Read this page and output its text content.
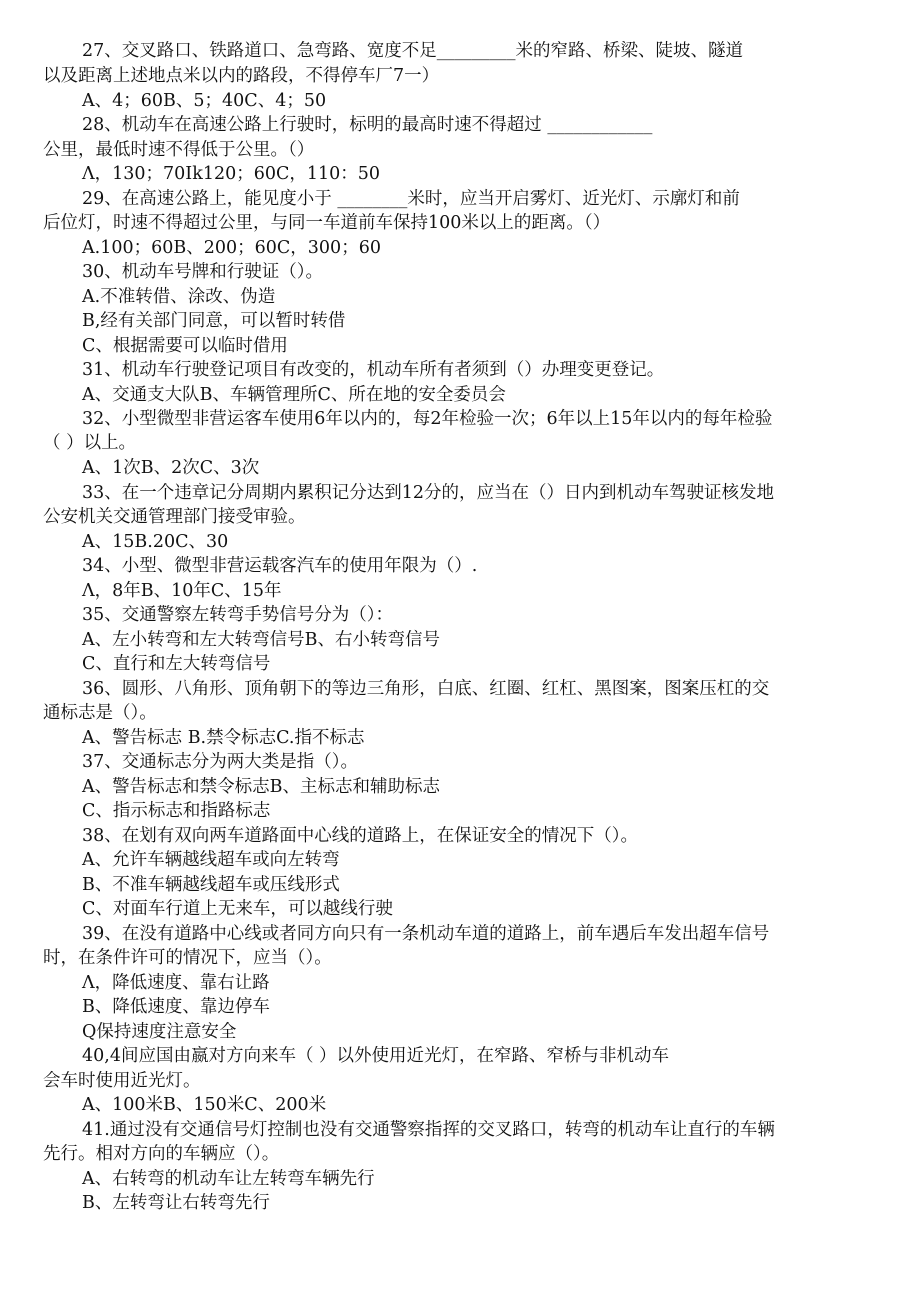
27、交叉路口、铁路道口、急弯路、宽度不足_________米的窄路、桥梁、陡坡、隧道
以及距离上述地点米以内的路段，不得停车厂7一）
A、4；60B、5；40C、4；50
28、机动车在高速公路上行驶时，标明的最高时速不得超过 ____________
公里，最低时速不得低于公里。（）
Λ，130；70Ik120；60C，110：50
29、在高速公路上，能见度小于 ________米时，应当开启雾灯、近光灯、示廓灯和前
后位灯，时速不得超过公里，与同一车道前车保持100米以上的距离。（）
A.100；60B、200；60C，300；60
30、机动车号牌和行驶证（）。
A.不准转借、涂改、伪造
B,经有关部门同意，可以暂时转借
C、根据需要可以临时借用
31、机动车行驶登记项目有改变的，机动车所有者须到（）办理变更登记。
A、交通支大队B、车辆管理所C、所在地的安全委员会
32、小型微型非营运客车使用6年以内的，每2年检验一次；6年以上15年以内的每年检验
（ ）以上。
A、1次B、2次C、3次
33、在一个违章记分周期内累积记分达到12分的，应当在（）日内到机动车驾驶证核发地
公安机关交通管理部门接受审验。
A、15B.20C、30
34、小型、微型非营运载客汽车的使用年限为（）.
Λ，8年B、10年C、15年
35、交通警察左转弯手势信号分为（）：
A、左小转弯和左大转弯信号B、右小转弯信号
C、直行和左大转弯信号
36、圆形、八角形、顶角朝下的等边三角形，白底、红圈、红杠、黑图案，图案压杠的交
通标志是（）。
A、警告标志 B.禁令标志C.指不标志
37、交通标志分为两大类是指（）。
A、警告标志和禁令标志B、主标志和辅助标志
C、指示标志和指路标志
38、在划有双向两车道路面中心线的道路上，在保证安全的情况下（）。
A、允许车辆越线超车或向左转弯
B、不准车辆越线超车或压线形式
C、对面车行道上无来车，可以越线行驶
39、在没有道路中心线或者同方向只有一条机动车道的道路上，前车遇后车发出超车信号
时，在条件许可的情况下，应当（）。
Λ，降低速度、靠右让路
B、降低速度、靠边停车
Q保持速度注意安全
40,4间应国由嬴对方向来车（ ）以外使用近光灯，在窄路、窄桥与非机动车
会车时使用近光灯。
A、100米B、150米C、200米
41.通过没有交通信号灯控制也没有交通警察指挥的交叉路口，转弯的机动车让直行的车辆
先行。相对方向的车辆应（）。
A、右转弯的机动车让左转弯车辆先行
B、左转弯让右转弯先行
